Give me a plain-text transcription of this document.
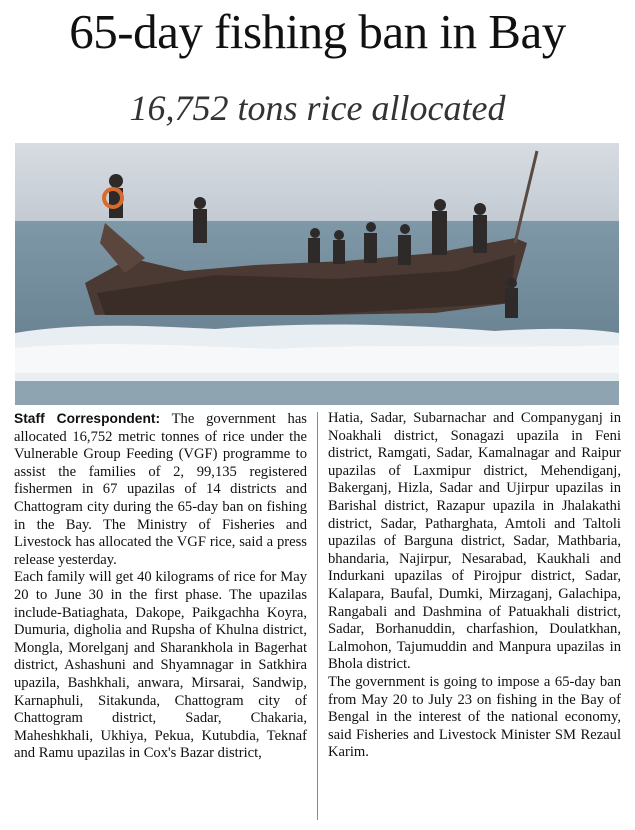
65-day fishing ban in Bay
16,752 tons rice allocated

Staff Correspondent: The government has allocated 16,752 metric tonnes of rice under the Vulnerable Group Feeding (VGF) programme to assist the families of 2, 99,135 registered fishermen in 67 upazilas of 14 districts and Chattogram city during the 65-day ban on fishing in the Bay. The Ministry of Fisheries and Livestock has allocated the VGF rice, said a press release yesterday.

Each family will get 40 kilograms of rice for May 20 to June 30 in the first phase. The upazilas include-Batiaghata, Dakope, Paikgachha Koyra, Dumuria, digholia and Rupsha of Khulna district, Mongla, Morelganj and Sharankhola in Bagerhat district, Ashashuni and Shyamnagar in Satkhira upazila, Bashkhali, anwara, Mirsarai, Sandwip, Karnaphuli, Sitakunda, Chattogram city of Chattogram district, Sadar, Chakaria, Maheshkhali, Ukhiya, Pekua, Kutubdia, Teknaf and Ramu upazilas in Cox's Bazar district,

Hatia, Sadar, Subarnachar and Companyganj in Noakhali district, Sonagazi upazila in Feni district, Ramgati, Sadar, Kamalnagar and Raipur upazilas of Laxmipur district, Mehendiganj, Bakerganj, Hizla, Sadar and Ujirpur upazilas in Barishal district, Razapur upazila in Jhalakathi district, Sadar, Patharghata, Amtoli and Taltoli upazilas of Barguna district, Sadar, Mathbaria, bhandaria, Najirpur, Nesarabad, Kaukhali and Indurkani upazilas of Pirojpur district, Sadar, Kalapara, Baufal, Dumki, Mirzaganj, Galachipa, Rangabali and Dashmina of Patuakhali district, Sadar, Borhanuddin, charfashion, Doulatkhan, Lalmohon, Tajumuddin and Manpura upazilas in Bhola district.

The government is going to impose a 65-day ban from May 20 to July 23 on fishing in the Bay of Bengal in the interest of the national economy, said Fisheries and Livestock Minister SM Rezaul Karim.
